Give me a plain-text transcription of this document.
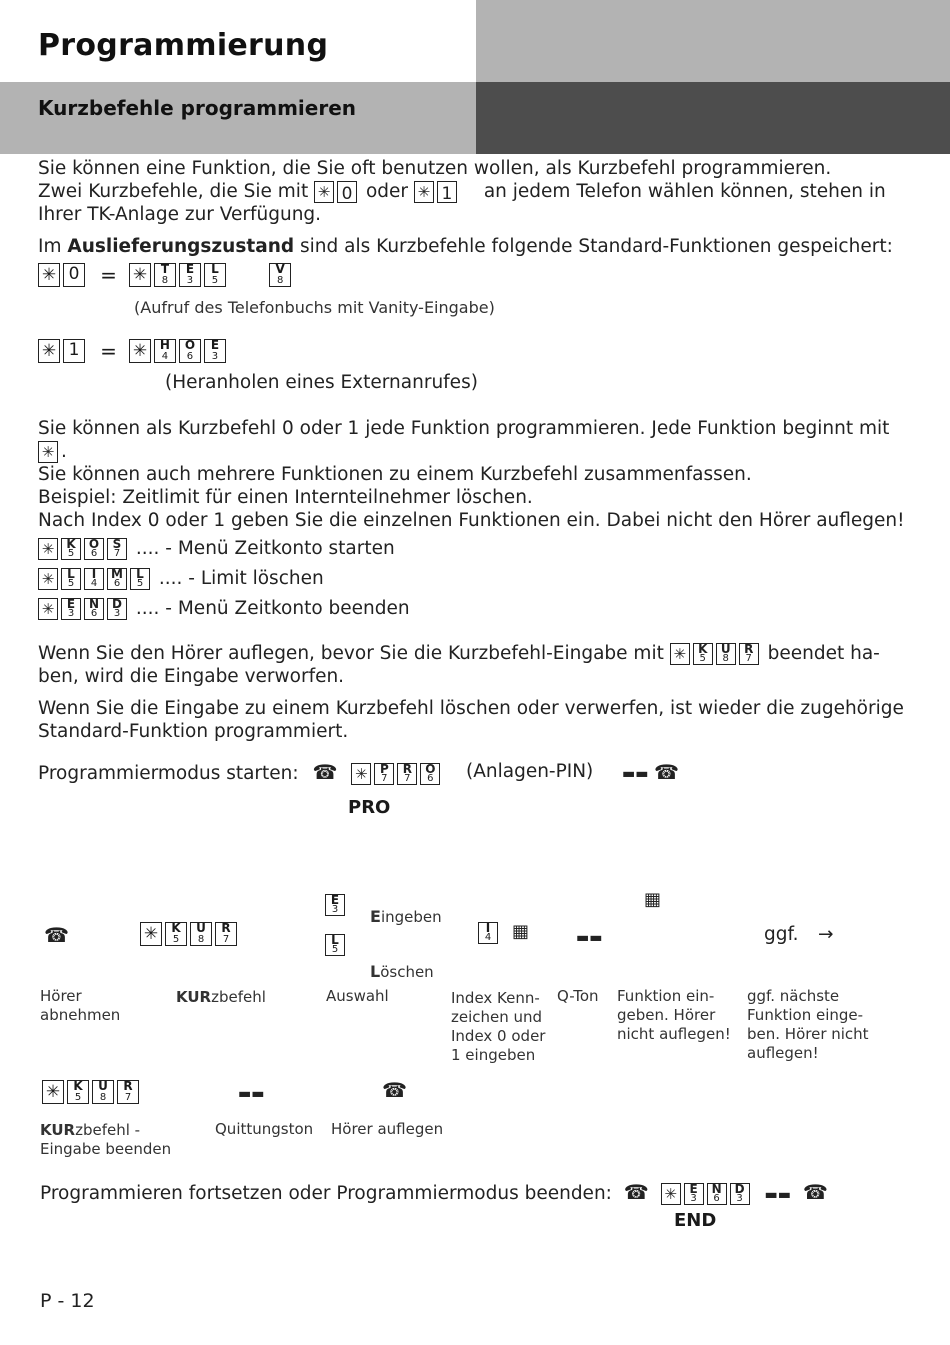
Programmierung
Kurzbefehle programmieren
Sie können eine Funktion, die Sie oft benutzen wollen, als Kurzbefehl programmieren.
Zwei Kurzbefehle, die Sie mit ✳ 0 oder ✳ 1 an jedem Telefon wählen können, stehen in
Ihrer TK-Anlage zur Verfügung.
Im Auslieferungszustand sind als Kurzbefehle folgende Standard-Funktionen gespeichert:
✳0 = ✳	T
8
E
3
L
5

V
8
(Aufruf des Telefonbuchs mit Vanity-Eingabe)
✳1 = ✳	H
4
O
6
E
3
(Heranholen eines Externanrufes)
Sie können als Kurzbefehl 0 oder 1 jede Funktion programmieren. Jede Funktion beginnt mit
✳.
Sie können auch mehrere Funktionen zu einem Kurzbefehl zusammenfassen.
Beispiel: Zeitlimit für einen Internteilnehmer löschen.
Nach Index 0 oder 1 geben Sie die einzelnen Funktionen ein. Dabei nicht den Hörer auflegen!
✳
K
5
O
6
S
7 .... - Menü Zeitkonto starten
✳
L
5
I
4
M
6
L
5 .... - Limit löschen
✳
E
3
N
6
D
3 .... - Menü Zeitkonto beenden
Wenn Sie den Hörer auflegen, bevor Sie die Kurzbefehl-Eingabe mit ✳	K
5
U
8
R
7 beendet ha-
ben, wird die Eingabe verworfen.
Wenn Sie die Eingabe zu einem Kurzbefehl löschen oder verwerfen, ist wieder die zugehörige
Standard-Funktion programmiert.
Programmiermodus starten: ☎ ✳	P
7
R
7
O
6	(Anlagen-PIN) ▬▬ ☎
PRO
☎ ✳	K
5
U
8
R
7
E
3
L
5
Eingeben
Löschen
I
4	▦	▬▬
▦
ggf. →
Hörer
abnehmen
KURzbefehl	Auswahl	Index Kenn-
zeichen und
Index 0 oder
1 eingeben
Q-Ton Funktion ein-
geben. Hörer
nicht auflegen!
ggf. nächste
Funktion einge-
ben. Hörer nicht
auflegen!
✳
K
5
U
8
R
7	▬▬	☎
KURzbefehl -
Eingabe beenden
Quittungston Hörer auflegen
Programmieren fortsetzen oder Programmiermodus beenden: ☎ ✳	E
3
N
6
D
3	▬▬ ☎
END
P - 12
